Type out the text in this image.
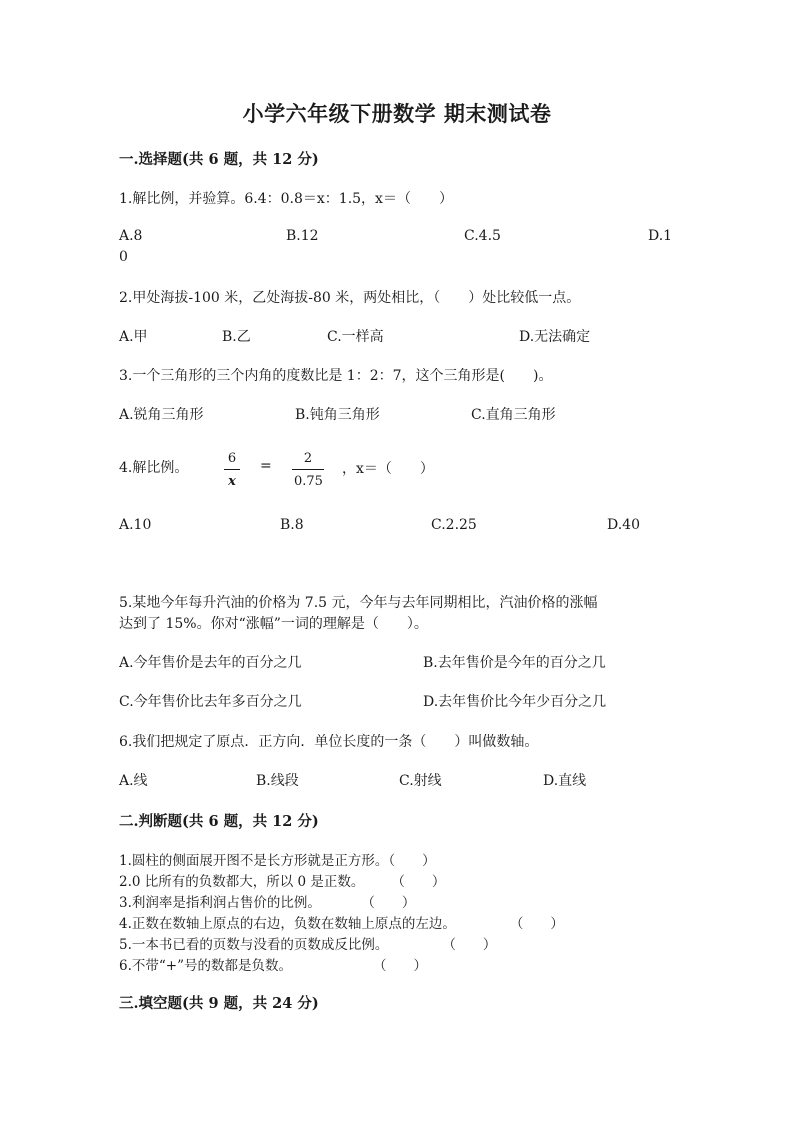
小学六年级下册数学 期末测试卷
一.选择题(共 6 题，共 12 分)
1.解比例，并验算。6.4：0.8＝x：1.5，x＝（　　）
A.8	B.12	C.4.5	D.1
0
2.甲处海拔-100 米，乙处海拔-80 米，两处相比，（　　）处比较低一点。
A.甲	B.乙	C.一样高	D.无法确定
3.一个三角形的三个内角的度数比是 1：2：7，这个三角形是(　　)。
A.锐角三角形	B.钝角三角形	C.直角三角形
4.解比例。
6
x
=	2
0.75
，x＝（　　）
A.10	B.8	C.2.25	D.40
5.某地今年每升汽油的价格为 7.5 元，今年与去年同期相比，汽油价格的涨幅
达到了 15%。你对“涨幅”一词的理解是（　　）。
A.今年售价是去年的百分之几	B.去年售价是今年的百分之几
C.今年售价比去年多百分之几	D.去年售价比今年少百分之几
6.我们把规定了原点．正方向．单位长度的一条（　　）叫做数轴。
A.线	B.线段	C.射线	D.直线
二.判断题(共 6 题，共 12 分)
1.圆柱的侧面展开图不是长方形就是正方形。（　　）
2.0 比所有的负数都大，所以 0 是正数。　　　（　　）
3.利润率是指利润占售价的比例。　　　　（　　）
4.正数在数轴上原点的右边，负数在数轴上原点的左边。　　　　　（　　）
5.一本书已看的页数与没看的页数成反比例。　　　　　（　　）
6.不带“+”号的数都是负数。　　　　　　　（　　）
三.填空题(共 9 题，共 24 分)
